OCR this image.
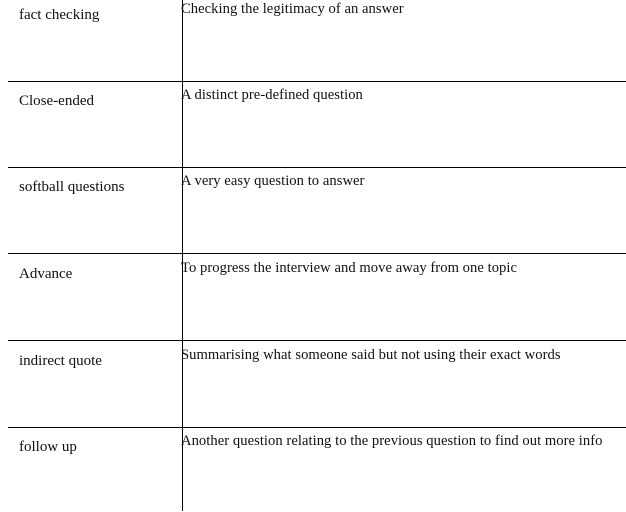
fact checking	Checking the legitimacy of an answer
Close-ended	A distinct pre-defined question
softball questions	A very easy question to answer
Advance	To progress the interview and move away from one topic
indirect quote	Summarising what someone said but not using their exact words
follow up	Another question relating to the previous question to find out more info
